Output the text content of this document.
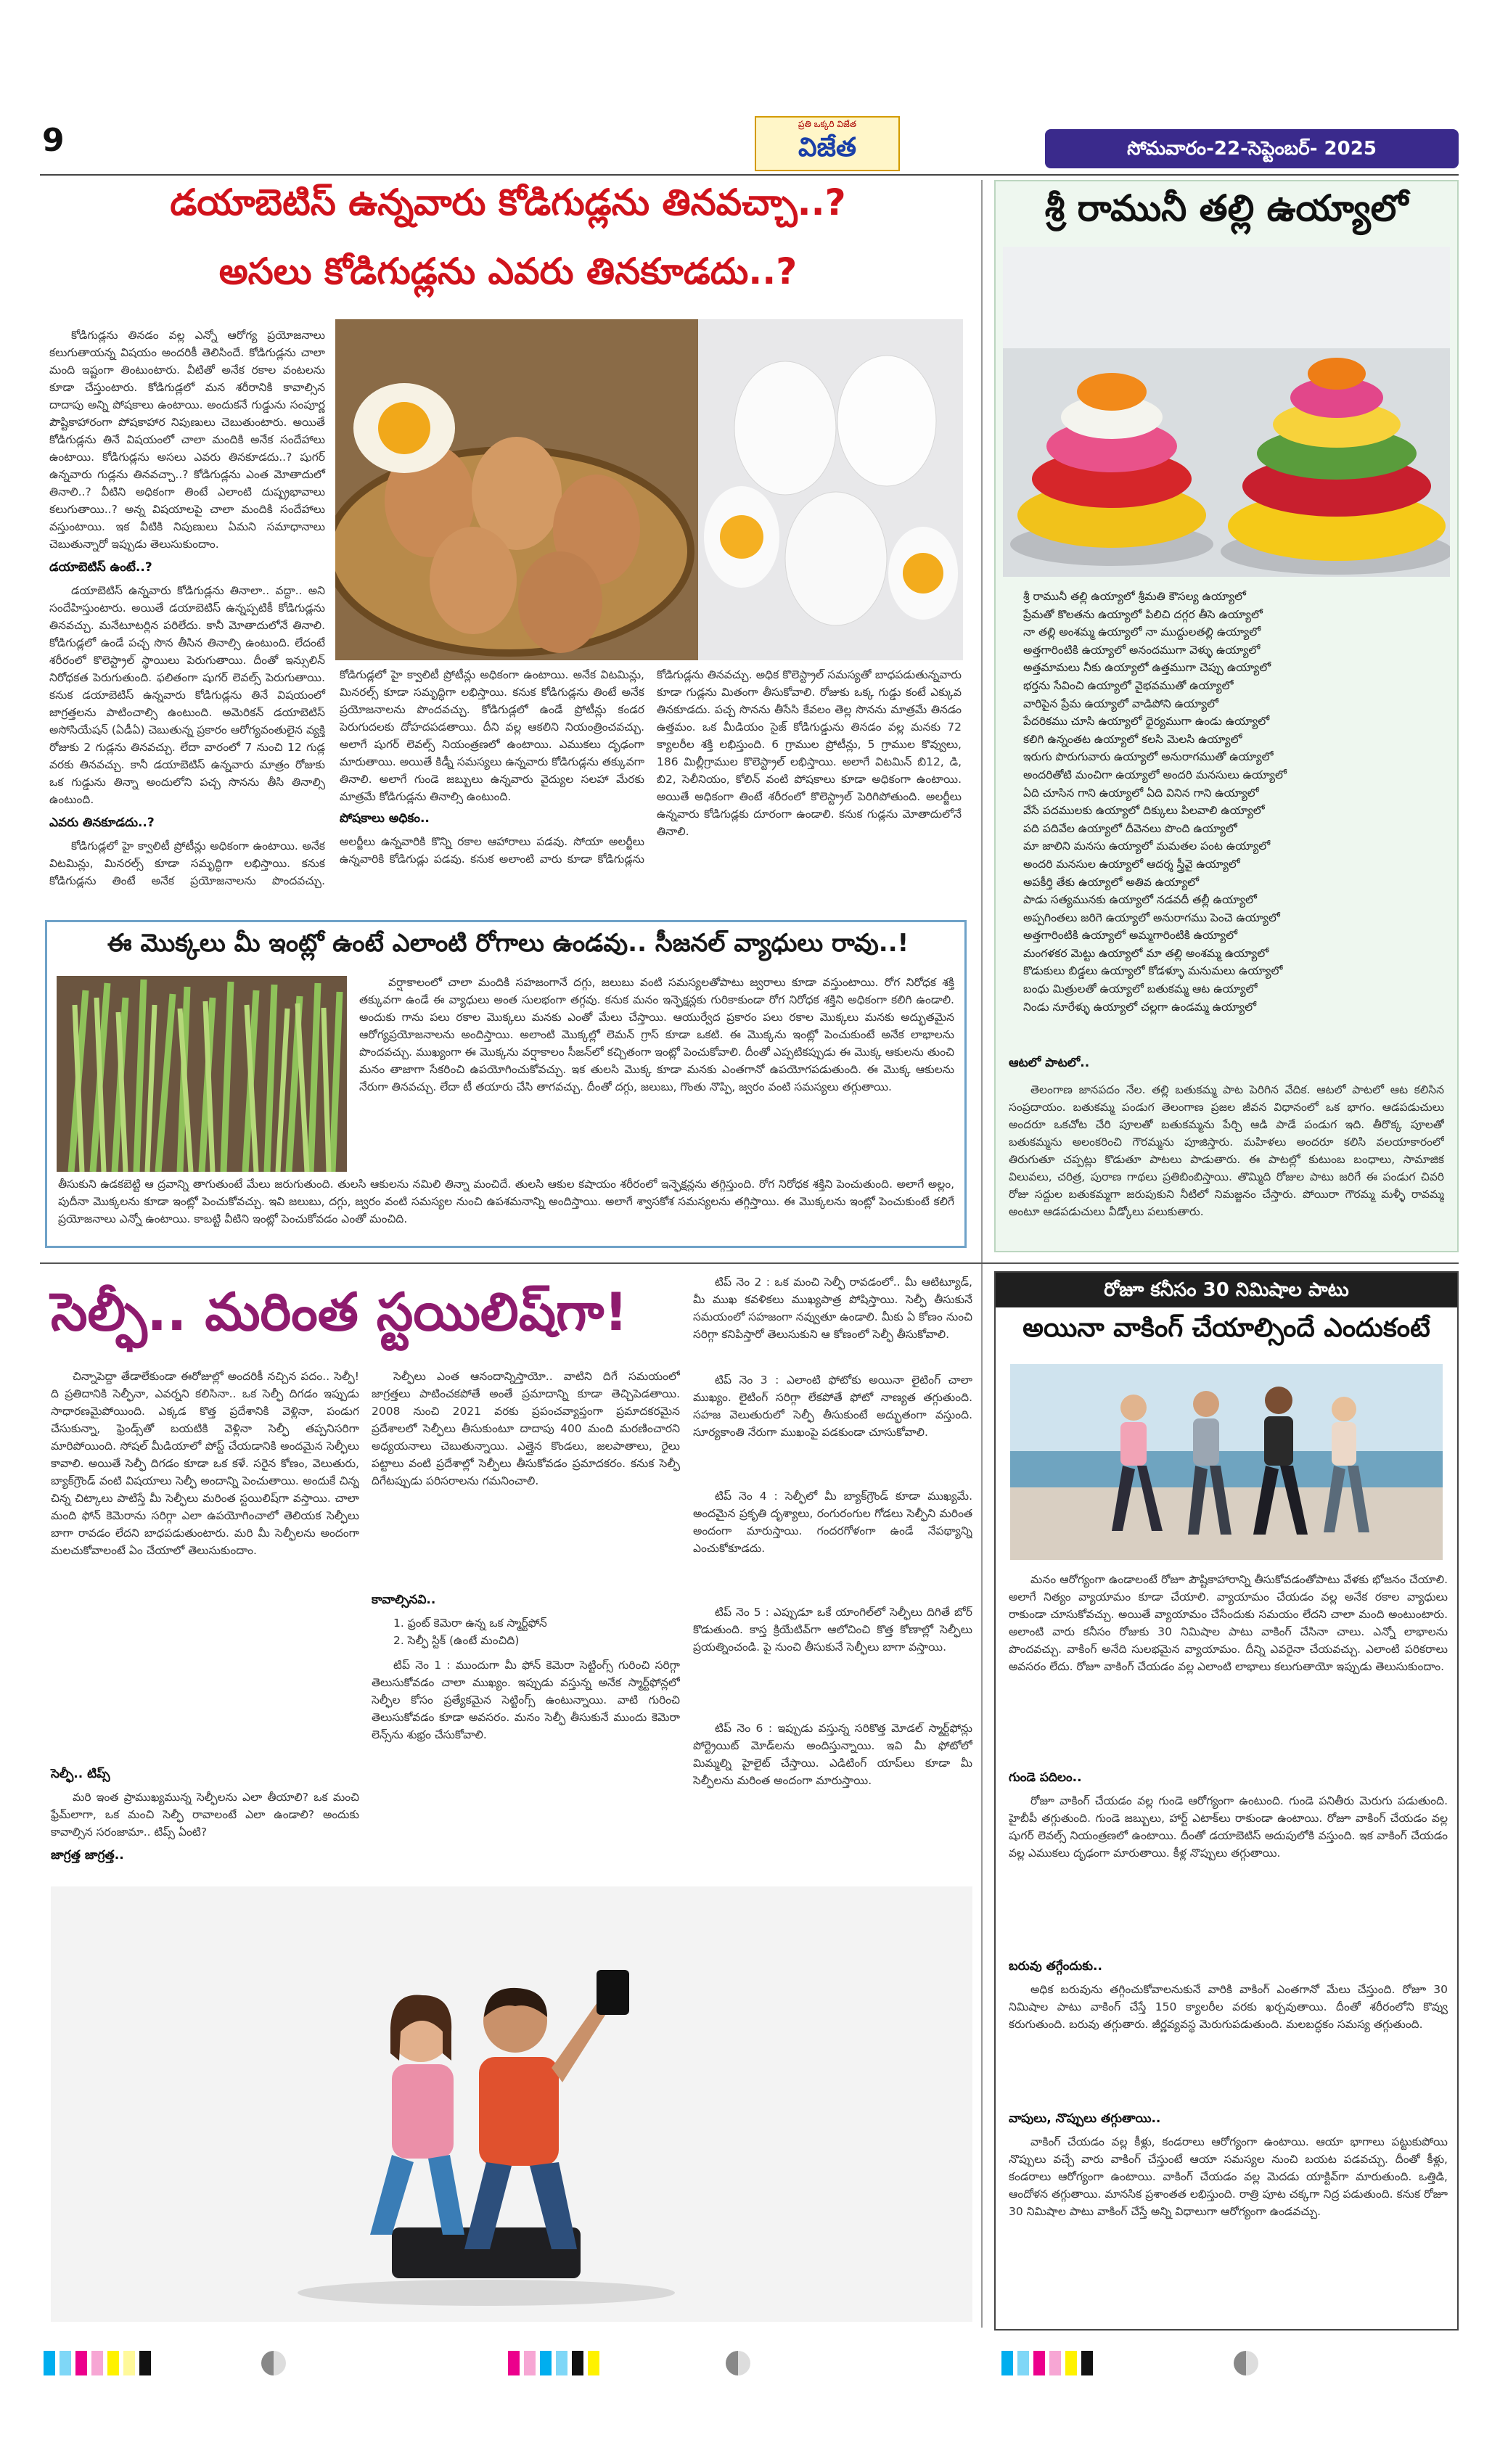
9	ప్రతి ఒక్కరి విజేత
విజేత	సోమవారం-22-సెప్టెంబర్- 2025
డయాబెటిస్ ఉన్నవారు కోడిగుడ్లను తినవచ్చా..?
అసలు కోడిగుడ్లను ఎవరు తినకూడదు..?

కోడిగుడ్లను తినడం వల్ల ఎన్నో ఆరోగ్య ప్రయోజనాలు కలుగుతాయన్న విషయం అందరికీ తెలిసిందే. కోడిగుడ్లను చాలా మంది ఇష్టంగా తింటుంటారు. వీటితో అనేక రకాల వంటలను కూడా చేస్తుంటారు. కోడిగుడ్లలో మన శరీరానికి కావాల్సిన దాదాపు అన్ని పోషకాలు ఉంటాయి. అందుకనే గుడ్డును సంపూర్ణ పౌష్టికాహారంగా పోషకాహార నిపుణులు చెబుతుంటారు. అయితే కోడిగుడ్లను తినే విషయంలో చాలా మందికి అనేక సందేహాలు ఉంటాయి. కోడిగుడ్లను అసలు ఎవరు తినకూడదు..? షుగర్ ఉన్నవారు గుడ్లను తినవచ్చా..? కోడిగుడ్లను ఎంత మోతాదులో తినాలి..? వీటిని అధికంగా తింటే ఎలాంటి దుష్ప్రభావాలు కలుగుతాయి..? అన్న విషయాలపై చాలా మందికి సందేహాలు వస్తుంటాయి. ఇక వీటికి నిపుణులు ఏమని సమాధానాలు చెబుతున్నారో ఇప్పుడు తెలుసుకుందాం.

డయాబెటిస్ ఉంటే..?

డయాబెటిస్ ఉన్నవారు కోడిగుడ్లను తినాలా.. వద్దా.. అని సందేహిస్తుంటారు. అయితే డయాబెటిస్ ఉన్నప్పటికీ కోడిగుడ్లను తినవచ్చు. మనేటూటర్లిన పరిలేదు. కానీ మోతాదులోనే తినాలి. కోడిగుడ్లలో ఉండే పచ్చ సొన తీసిన తినాల్సి ఉంటుంది. లేదంటే శరీరంలో కొలెస్ట్రాల్ స్థాయిలు పెరుగుతాయి. దీంతో ఇన్సులిన్ నిరోధకత పెరుగుతుంది. ఫలితంగా షుగర్ లెవల్స్ పెరుగుతాయి. కనుక డయాబెటిస్ ఉన్నవారు కోడిగుడ్లను తినే విషయంలో జాగ్రత్తలను పాటించాల్సి ఉంటుంది. అమెరికన్ డయాబెటిస్ అసోసియేషన్ (ఏడీఏ) చెబుతున్న ప్రకారం ఆరోగ్యవంతులైన వ్యక్తి రోజుకు 2 గుడ్లను తినవచ్చు. లేదా వారంలో 7 నుంచి 12 గుడ్ల వరకు తినవచ్చు. కానీ డయాబెటిస్ ఉన్నవారు మాత్రం రోజుకు ఒక గుడ్డును తిన్నా అందులోని పచ్చ సొనను తీసి తినాల్సి ఉంటుంది.

ఎవరు తినకూడదు..?

కోడిగుడ్లలో హై క్వాలిటీ ప్రోటీన్లు అధికంగా ఉంటాయి. అనేక విటమిన్లు, మినరల్స్ కూడా సమృద్ధిగా లభిస్తాయి. కనుక కోడిగుడ్లను తింటే అనేక ప్రయోజనాలను పొందవచ్చు.

కోడిగుడ్లలో హై క్వాలిటీ ప్రోటీన్లు అధికంగా ఉంటాయి. అనేక విటమిన్లు, మినరల్స్ కూడా సమృద్ధిగా లభిస్తాయి. కనుక కోడిగుడ్లను తింటే అనేక ప్రయోజనాలను పొందవచ్చు. కోడిగుడ్లలో ఉండే ప్రోటీన్లు కండర పెరుగుదలకు దోహదపడతాయి. దీని వల్ల ఆకలిని నియంత్రించవచ్చు. అలాగే షుగర్ లెవల్స్ నియంత్రణలో ఉంటాయి. ఎముకలు దృఢంగా మారుతాయి. అయితే కిడ్నీ సమస్యలు ఉన్నవారు కోడిగుడ్లను తక్కువగా తినాలి. అలాగే గుండె జబ్బులు ఉన్నవారు వైద్యుల సలహా మేరకు మాత్రమే కోడిగుడ్లను తినాల్సి ఉంటుంది.

పోషకాలు అధికం..

అలర్జీలు ఉన్నవారికి కొన్ని రకాల ఆహారాలు పడవు. సోయా అలర్జీలు ఉన్నవారికి కోడిగుడ్లు పడవు. కనుక అలాంటి వారు కూడా కోడిగుడ్లను

కోడిగుడ్లను తినవచ్చు. అధిక కొలెస్ట్రాల్ సమస్యతో బాధపడుతున్నవారు కూడా గుడ్లను మితంగా తీసుకోవాలి. రోజుకు ఒక్క గుడ్డు కంటే ఎక్కువ తినకూడదు. పచ్చ సొనను తీసేసి కేవలం తెల్ల సొనను మాత్రమే తినడం ఉత్తమం. ఒక మీడియం సైజ్ కోడిగుడ్డును తినడం వల్ల మనకు 72 క్యాలరీల శక్తి లభిస్తుంది. 6 గ్రాముల ప్రోటీన్లు, 5 గ్రాముల కొవ్వులు, 186 మిల్లీగ్రాముల కొలెస్ట్రాల్ లభిస్తాయి. అలాగే విటమిన్ బి12, డి, బి2, సెలీనియం, కోలిన్ వంటి పోషకాలు కూడా అధికంగా ఉంటాయి. అయితే అధికంగా తింటే శరీరంలో కొలెస్ట్రాల్ పెరిగిపోతుంది. అలర్జీలు ఉన్నవారు కోడిగుడ్లకు దూరంగా ఉండాలి. కనుక గుడ్లను మోతాదులోనే తినాలి.

ఈ మొక్కలు మీ ఇంట్లో ఉంటే ఎలాంటి రోగాలు ఉండవు.. సీజనల్ వ్యాధులు రావు..!

వర్షాకాలంలో చాలా మందికి సహజంగానే దగ్గు, జలుబు వంటి సమస్యలతోపాటు జ్వరాలు కూడా వస్తుంటాయి. రోగ నిరోధక శక్తి తక్కువగా ఉండే ఈ వ్యాధులు అంత సులభంగా తగ్గవు. కనుక మనం ఇన్ఫెక్షన్లకు గురికాకుండా రోగ నిరోధక శక్తిని అధికంగా కలిగి ఉండాలి. అందుకు గాను పలు రకాల మొక్కలు మనకు ఎంతో మేలు చేస్తాయి. ఆయుర్వేద ప్రకారం పలు రకాల మొక్కలు మనకు అద్భుతమైన ఆరోగ్యప్రయోజనాలను అందిస్తాయి. అలాంటి మొక్కల్లో లెమన్ గ్రాస్ కూడా ఒకటి. ఈ మొక్కను ఇంట్లో పెంచుకుంటే అనేక లాభాలను పొందవచ్చు. ముఖ్యంగా ఈ మొక్కను వర్షాకాలం సీజన్‌లో కచ్చితంగా ఇంట్లో పెంచుకోవాలి. దీంతో ఎప్పటికప్పుడు ఈ మొక్క ఆకులను తుంచి మనం తాజాగా సేకరించి ఉపయోగించుకోవచ్చు. ఇక తులసి మొక్క కూడా మనకు ఎంతగానో ఉపయోగపడుతుంది. ఈ మొక్క ఆకులను నేరుగా తినవచ్చు. లేదా టీ తయారు చేసి తాగవచ్చు. దీంతో దగ్గు, జలుబు, గొంతు నొప్పి, జ్వరం వంటి సమస్యలు తగ్గుతాయి.

తీసుకుని ఉడకబెట్టి ఆ ద్రవాన్ని తాగుతుంటే మేలు జరుగుతుంది. తులసి ఆకులను నమిలి తిన్నా మంచిదే. తులసి ఆకుల కషాయం శరీరంలో ఇన్ఫెక్షన్లను తగ్గిస్తుంది. రోగ నిరోధక శక్తిని పెంచుతుంది. అలాగే అల్లం, పుదీనా మొక్కలను కూడా ఇంట్లో పెంచుకోవచ్చు. ఇవి జలుబు, దగ్గు, జ్వరం వంటి సమస్యల నుంచి ఉపశమనాన్ని అందిస్తాయి. అలాగే శ్వాసకోశ సమస్యలను తగ్గిస్తాయి. ఈ మొక్కలను ఇంట్లో పెంచుకుంటే కలిగే ప్రయోజనాలు ఎన్నో ఉంటాయి. కాబట్టి వీటిని ఇంట్లో పెంచుకోవడం ఎంతో మంచిది.

శ్రీ రామునీ తల్లి ఉయ్యాలో
శ్రీ రామునీ తల్లి ఉయ్యాలో శ్రీమతి కౌసల్య ఉయ్యాలో
ప్రేమతో కొలతను ఉయ్యాలో పిలిచి దగ్గర తీసె ఉయ్యాలో
నా తల్లి అంశమ్మ ఉయ్యాలో నా ముద్దులతల్లి ఉయ్యాలో
అత్తగారింటికి ఉయ్యాలో అనందముగా వెళ్ళు ఉయ్యాలో
అత్తమామలు నీకు ఉయ్యాలో ఉత్తముగా చెప్పు ఉయ్యాలో
భర్తను సేవించి ఉయ్యాలో వైభవముతో ఉయ్యాలో
వారిపైన ప్రేమ ఉయ్యాలో వాడిపోని ఉయ్యాలో
పేదరికము చూసి ఉయ్యాలో ధైర్యముగా ఉండు ఉయ్యాలో
కలిగి ఉన్నంతట ఉయ్యాలో కలసి మెలసి ఉయ్యాలో
ఇరుగు పొరుగువారు ఉయ్యాలో అనురాగముతో ఉయ్యాలో
అందరితోటి మంచిగా ఉయ్యాలో అందరి మనసులు ఉయ్యాలో
ఏది చూసిన గాని ఉయ్యాలో ఏది వినిన గాని ఉయ్యాలో
వేసే పదములకు ఉయ్యాలో దిక్కులు పిలవాలి ఉయ్యాలో
పది పదివేల ఉయ్యాలో దీవెనలు పొంది ఉయ్యాలో
మా జాలిని మనసు ఉయ్యాలో మమతల పంట ఉయ్యాలో
అందరి మనసుల ఉయ్యాలో ఆదర్శ స్త్రీవై ఉయ్యాలో
అపకీర్తి తేకు ఉయ్యాలో అతివ ఉయ్యాలో
పాడు సత్యమునకు ఉయ్యాలో నడవదీ తల్లీ ఉయ్యాలో
అప్పగింతలు జరిగె ఉయ్యాలో అనురాగము పెంచె ఉయ్యాలో
అత్తగారింటికి ఉయ్యాలో అమ్మగారింటికి ఉయ్యాలో
మంగళకర మెట్టు ఉయ్యాలో మా తల్లి అంశమ్మ ఉయ్యాలో
కొడుకులు బిడ్డలు ఉయ్యాలో కోడళ్ళూ మనుమలు ఉయ్యాలో
బంధు మిత్రులతో ఉయ్యాలో బతుకమ్మ ఆట ఉయ్యాలో
నిండు నూరేళ్ళు ఉయ్యాలో చల్లగా ఉండమ్మ ఉయ్యాలో
ఆటలో పాటలో..

తెలంగాణ జానపదం నేల. తల్లి బతుకమ్మ పాట పెరిగిన వేదిక. ఆటలో పాటలో ఆట కలిసిన సంప్రదాయం. బతుకమ్మ పండుగ తెలంగాణ ప్రజల జీవన విధానంలో ఒక భాగం. ఆడపడుచులు అందరూ ఒకచోట చేరి పూలతో బతుకమ్మను పేర్చి ఆడి పాడే పండుగ ఇది. తీరొక్క పూలతో బతుకమ్మను అలంకరించి గౌరమ్మను పూజిస్తారు. మహిళలు అందరూ కలిసి వలయాకారంలో తిరుగుతూ చప్పట్లు కొడుతూ పాటలు పాడుతారు. ఈ పాటల్లో కుటుంబ బంధాలు, సామాజిక విలువలు, చరిత్ర, పురాణ గాథలు ప్రతిబింబిస్తాయి. తొమ్మిది రోజుల పాటు జరిగే ఈ పండుగ చివరి రోజు సద్దుల బతుకమ్మగా జరుపుకుని నీటిలో నిమజ్జనం చేస్తారు. పోయిరా గౌరమ్మ మళ్ళీ రావమ్మ అంటూ ఆడపడుచులు వీడ్కోలు పలుకుతారు.

సెల్ఫీ.. మరింత స్టయిలిష్‌గా!

చిన్నాపెద్దా తేడాలేకుండా ఈరోజుల్లో అందరికీ నచ్చిన పదం.. సెల్ఫీ! ది ప్రతిదానికి సెల్ఫీనా, ఎవర్నని కలిసినా.. ఒక సెల్ఫీ దిగడం ఇప్పుడు సాధారణమైపోయింది. ఎక్కడ కొత్త ప్రదేశానికి వెళ్లినా, పండుగ చేసుకున్నా, ఫ్రెండ్స్‌తో బయటికి వెళ్లినా సెల్ఫీ తప్పనిసరిగా మారిపోయింది. సోషల్ మీడియాలో పోస్ట్ చేయడానికి అందమైన సెల్ఫీలు కావాలి. అయితే సెల్ఫీ దిగడం కూడా ఒక కళే. సరైన కోణం, వెలుతురు, బ్యాక్‌గ్రౌండ్ వంటి విషయాలు సెల్ఫీ అందాన్ని పెంచుతాయి. అందుకే చిన్న చిన్న చిట్కాలు పాటిస్తే మీ సెల్ఫీలు మరింత స్టయిలిష్‌గా వస్తాయి. చాలా మంది ఫోన్ కెమెరాను సరిగ్గా ఎలా ఉపయోగించాలో తెలియక సెల్ఫీలు బాగా రావడం లేదని బాధపడుతుంటారు. మరి మీ సెల్ఫీలను అందంగా మలచుకోవాలంటే ఏం చేయాలో తెలుసుకుందాం.

సెల్ఫీ.. టిప్స్

మరి ఇంత ప్రాముఖ్యమున్న సెల్ఫీలను ఎలా తీయాలి? ఒక మంచి ఫ్రేమ్‌లాగా, ఒక మంచి సెల్ఫీ రావాలంటే ఎలా ఉండాలి? అందుకు కావాల్సిన సరంజామా.. టిప్స్ ఏంటి?

జాగ్రత్త జాగ్రత్త..

సెల్ఫీలు ఎంత ఆనందాన్నిస్తాయో.. వాటిని దిగే సమయంలో జాగ్రత్తలు పాటించకపోతే అంతే ప్రమాదాన్ని కూడా తెచ్చిపెడతాయి. 2008 నుంచి 2021 వరకు ప్రపంచవ్యాప్తంగా ప్రమాదకరమైన ప్రదేశాలలో సెల్ఫీలు తీసుకుంటూ దాదాపు 400 మంది మరణించారని అధ్యయనాలు చెబుతున్నాయి. ఎత్తైన కొండలు, జలపాతాలు, రైలు పట్టాలు వంటి ప్రదేశాల్లో సెల్ఫీలు తీసుకోవడం ప్రమాదకరం. కనుక సెల్ఫీ దిగేటప్పుడు పరిసరాలను గమనించాలి.

కావాల్సినవి..
1. ఫ్రంట్ కెమెరా ఉన్న ఒక స్మార్ట్‌ఫోన్
2. సెల్ఫీ స్టిక్ (ఉంటే మంచిది)

టిప్ నెం 1 : ముందుగా మీ ఫోన్ కెమెరా సెట్టింగ్స్‌ గురించి సరిగ్గా తెలుసుకోవడం చాలా ముఖ్యం. ఇప్పుడు వస్తున్న అనేక స్మార్ట్‌ఫోన్లలో సెల్ఫీల కోసం ప్రత్యేకమైన సెట్టింగ్స్ ఉంటున్నాయి. వాటి గురించి తెలుసుకోవడం కూడా అవసరం. మనం సెల్ఫీ తీసుకునే ముందు కెమెరా లెన్స్‌ను శుభ్రం చేసుకోవాలి.

టిప్ నెం 2 : ఒక మంచి సెల్ఫీ రావడంలో.. మీ ఆటిట్యూడ్, మీ ముఖ కవళికలు ముఖ్యపాత్ర పోషిస్తాయి. సెల్ఫీ తీసుకునే సమయంలో సహజంగా నవ్వుతూ ఉండాలి. మీకు ఏ కోణం నుంచి సరిగ్గా కనిపిస్తారో తెలుసుకుని ఆ కోణంలో సెల్ఫీ తీసుకోవాలి.

టిప్ నెం 3 : ఎలాంటి ఫోటోకు అయినా లైటింగ్ చాలా ముఖ్యం. లైటింగ్ సరిగ్గా లేకపోతే ఫోటో నాణ్యత తగ్గుతుంది. సహజ వెలుతురులో సెల్ఫీ తీసుకుంటే అద్భుతంగా వస్తుంది. సూర్యకాంతి నేరుగా ముఖంపై పడకుండా చూసుకోవాలి.

టిప్ నెం 4 : సెల్ఫీలో మీ బ్యాక్‌గ్రౌండ్ కూడా ముఖ్యమే. అందమైన ప్రకృతి దృశ్యాలు, రంగురంగుల గోడలు సెల్ఫీని మరింత అందంగా మారుస్తాయి. గందరగోళంగా ఉండే నేపథ్యాన్ని ఎంచుకోకూడదు.

టిప్ నెం 5 : ఎప్పుడూ ఒకే యాంగిల్‌లో సెల్ఫీలు దిగితే బోర్ కొడుతుంది. కాస్త క్రియేటివ్‌గా ఆలోచించి కొత్త కోణాల్లో సెల్ఫీలు ప్రయత్నించండి. పై నుంచి తీసుకునే సెల్ఫీలు బాగా వస్తాయి.

టిప్ నెం 6 : ఇప్పుడు వస్తున్న సరికొత్త మోడల్ స్మార్ట్‌ఫోన్లు పోర్ట్రెయిట్ మోడ్‌లను అందిస్తున్నాయి. ఇవి మీ ఫోటోలో మిమ్మల్ని హైలైట్ చేస్తాయి. ఎడిటింగ్ యాప్‌లు కూడా మీ సెల్ఫీలను మరింత అందంగా మారుస్తాయి.

రోజూ కనీసం 30 నిమిషాల పాటు
అయినా వాకింగ్ చేయాల్సిందే ఎందుకంటే

మనం ఆరోగ్యంగా ఉండాలంటే రోజూ పౌష్టికాహారాన్ని తీసుకోవడంతోపాటు వేళకు భోజనం చేయాలి. అలాగే నిత్యం వ్యాయామం కూడా చేయాలి. వ్యాయామం చేయడం వల్ల అనేక రకాల వ్యాధులు రాకుండా చూసుకోవచ్చు. అయితే వ్యాయామం చేసేందుకు సమయం లేదని చాలా మంది అంటుంటారు. అలాంటి వారు కనీసం రోజుకు 30 నిమిషాల పాటు వాకింగ్ చేసినా చాలు. ఎన్నో లాభాలను పొందవచ్చు. వాకింగ్ అనేది సులభమైన వ్యాయామం. దీన్ని ఎవరైనా చేయవచ్చు. ఎలాంటి పరికరాలు అవసరం లేదు. రోజూ వాకింగ్ చేయడం వల్ల ఎలాంటి లాభాలు కలుగుతాయో ఇప్పుడు తెలుసుకుందాం.

గుండె పదిలం..

రోజూ వాకింగ్ చేయడం వల్ల గుండె ఆరోగ్యంగా ఉంటుంది. గుండె పనితీరు మెరుగు పడుతుంది. హైబీపీ తగ్గుతుంది. గుండె జబ్బులు, హార్ట్ ఎటాక్‌లు రాకుండా ఉంటాయి. రోజూ వాకింగ్ చేయడం వల్ల షుగర్ లెవల్స్ నియంత్రణలో ఉంటాయి. దీంతో డయాబెటిస్ అదుపులోకి వస్తుంది. ఇక వాకింగ్ చేయడం వల్ల ఎముకలు దృఢంగా మారుతాయి. కీళ్ల నొప్పులు తగ్గుతాయి.

బరువు తగ్గేందుకు..

అధిక బరువును తగ్గించుకోవాలనుకునే వారికి వాకింగ్ ఎంతగానో మేలు చేస్తుంది. రోజూ 30 నిమిషాల పాటు వాకింగ్ చేస్తే 150 క్యాలరీల వరకు ఖర్చవుతాయి. దీంతో శరీరంలోని కొవ్వు కరుగుతుంది. బరువు తగ్గుతారు. జీర్ణవ్యవస్థ మెరుగుపడుతుంది. మలబద్ధకం సమస్య తగ్గుతుంది.

వాపులు, నొప్పులు తగ్గుతాయి..

వాకింగ్ చేయడం వల్ల కీళ్లు, కండరాలు ఆరోగ్యంగా ఉంటాయి. ఆయా భాగాలు పట్టుకుపోయి నొప్పులు వచ్చే వారు వాకింగ్ చేస్తుంటే ఆయా సమస్యల నుంచి బయట పడవచ్చు. దీంతో కీళ్లు, కండరాలు ఆరోగ్యంగా ఉంటాయి. వాకింగ్ చేయడం వల్ల మెదడు యాక్టివ్‌గా మారుతుంది. ఒత్తిడి, ఆందోళన తగ్గుతాయి. మానసిక ప్రశాంతత లభిస్తుంది. రాత్రి పూట చక్కగా నిద్ర పడుతుంది. కనుక రోజూ 30 నిమిషాల పాటు వాకింగ్ చేస్తే అన్ని విధాలుగా ఆరోగ్యంగా ఉండవచ్చు.
